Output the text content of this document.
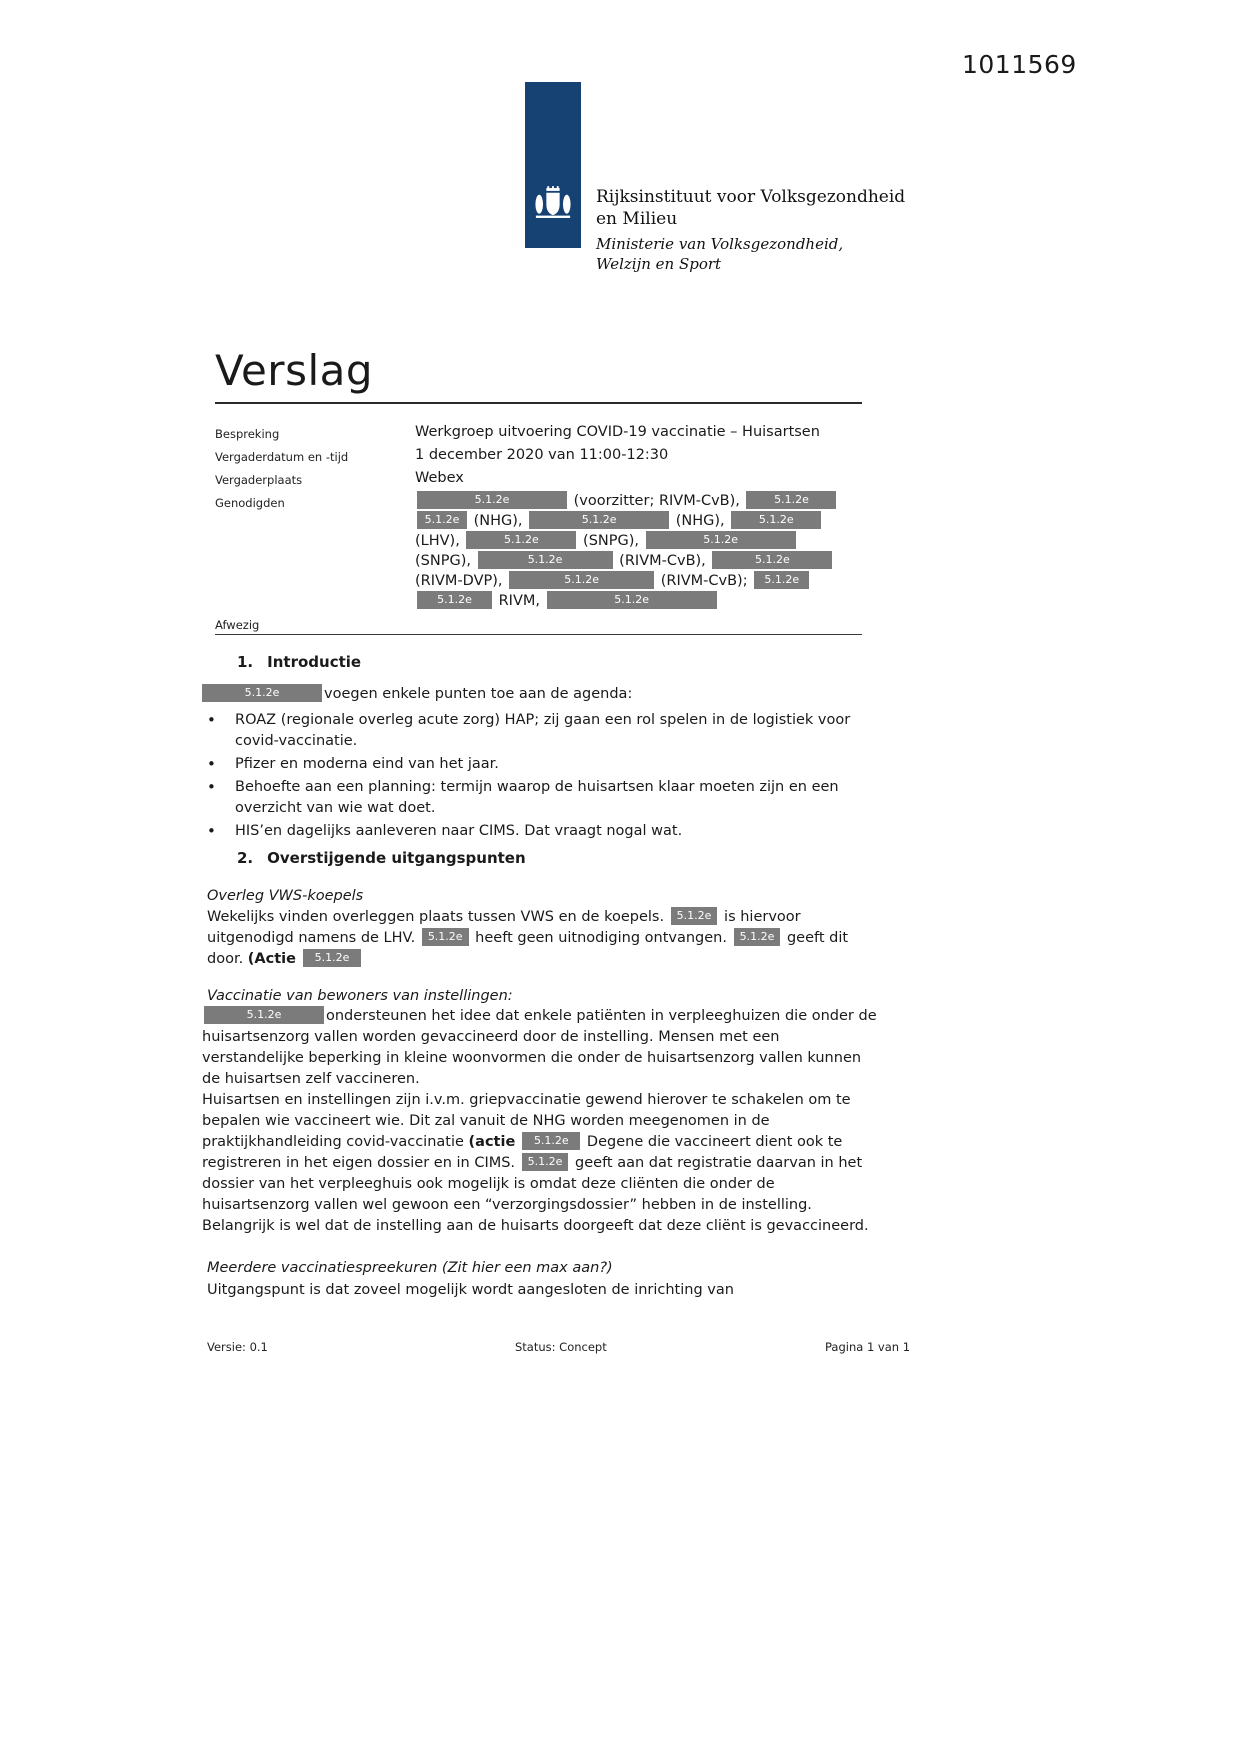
1011569
Rijksinstituut voor Volksgezondheid
en Milieu
Ministerie van Volksgezondheid,
Welzijn en Sport
Verslag
Bespreking	Werkgroep uitvoering COVID-19 vaccinatie – Huisartsen
Vergaderdatum en -tijd	1 december 2020 van 11:00-12:30
Vergaderplaats	Webex
Genodigden	5.1.2e	(voorzitter; RIVM-CvB),	5.1.2e
5.1.2e (NHG),	5.1.2e	(NHG),	5.1.2e
(LHV),	5.1.2e	(SNPG),	5.1.2e
(SNPG),	5.1.2e	(RIVM-CvB),	5.1.2e
(RIVM-DVP),	5.1.2e	(RIVM-CvB); 5.1.2e
5.1.2e RIVM,	5.1.2e
Afwezig
1. Introductie
5.1.2e	voegen enkele punten toe aan de agenda:
• ROAZ (regionale overleg acute zorg) HAP; zij gaan een rol spelen in de logistiek voor covid-vaccinatie.
• Pfizer en moderna eind van het jaar.
• Behoefte aan een planning: termijn waarop de huisartsen klaar moeten zijn en een overzicht van wie wat doet.
• HIS’en dagelijks aanleveren naar CIMS. Dat vraagt nogal wat.
2. Overstijgende uitgangspunten
Overleg VWS-koepels
Wekelijks vinden overleggen plaats tussen VWS en de koepels. 5.1.2e is hiervoor uitgenodigd namens de LHV. 5.1.2e heeft geen uitnodiging ontvangen. 5.1.2e geeft dit door. (Actie 5.1.2e
Vaccinatie van bewoners van instellingen:
5.1.2e	ondersteunen het idee dat enkele patiënten in verpleeghuizen die onder de huisartsenzorg vallen worden gevaccineerd door de instelling. Mensen met een verstandelijke beperking in kleine woonvormen die onder de huisartsenzorg vallen kunnen de huisartsen zelf vaccineren.
Huisartsen en instellingen zijn i.v.m. griepvaccinatie gewend hierover te schakelen om te bepalen wie vaccineert wie. Dit zal vanuit de NHG worden meegenomen in de praktijkhandleiding covid-vaccinatie (actie 5.1.2e Degene die vaccineert dient ook te registreren in het eigen dossier en in CIMS. 5.1.2e geeft aan dat registratie daarvan in het dossier van het verpleeghuis ook mogelijk is omdat deze cliënten die onder de huisartsenzorg vallen wel gewoon een “verzorgingsdossier” hebben in de instelling. Belangrijk is wel dat de instelling aan de huisarts doorgeeft dat deze cliënt is gevaccineerd.
Meerdere vaccinatiespreekuren (Zit hier een max aan?)
Uitgangspunt is dat zoveel mogelijk wordt aangesloten de inrichting van
Versie: 0.1	Status: Concept	Pagina 1 van 1
